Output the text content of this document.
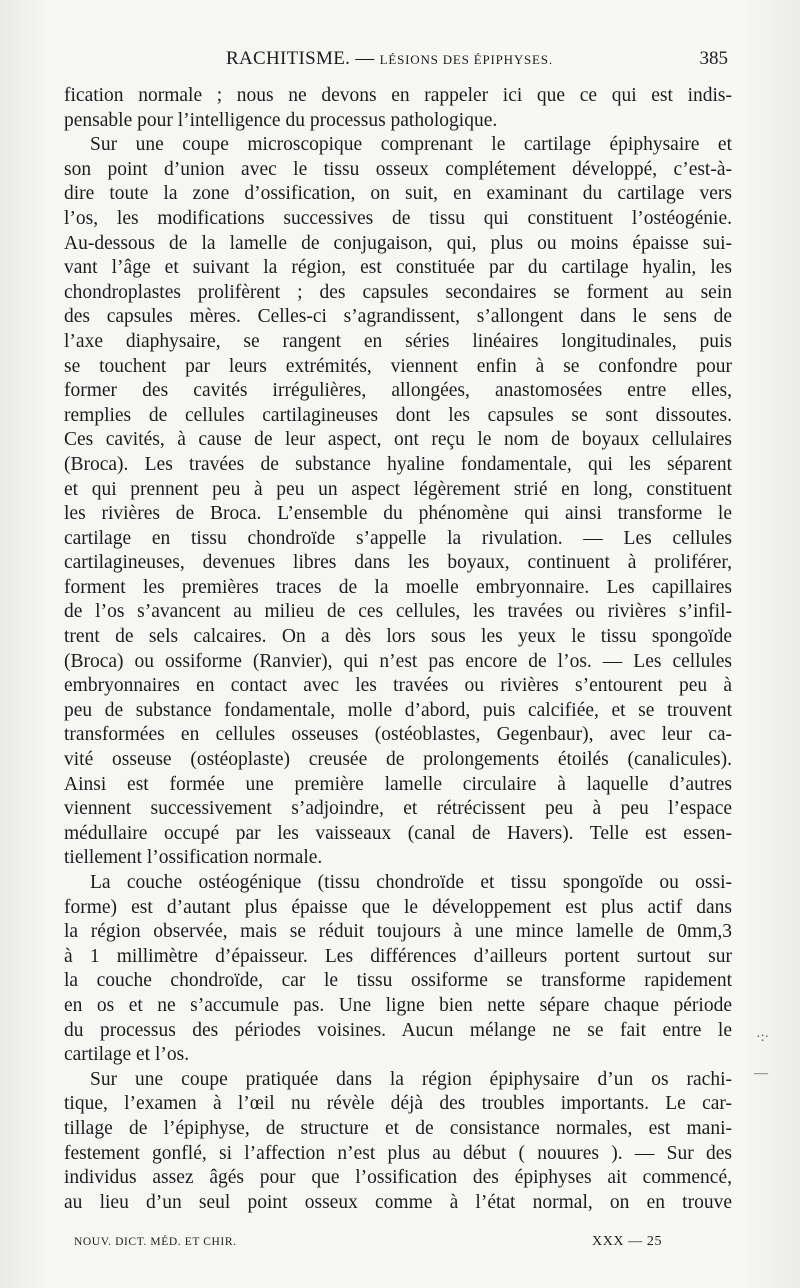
RACHITISME. — LÉSIONS DES ÉPIPHYSES.	385
fication normale ; nous ne devons en rappeler ici que ce qui est indis-
pensable pour l’intelligence du processus pathologique.
Sur une coupe microscopique comprenant le cartilage épiphysaire et
son point d’union avec le tissu osseux complétement développé, c’est-à-
dire toute la zone d’ossification, on suit, en examinant du cartilage vers
l’os, les modifications successives de tissu qui constituent l’ostéogénie.
Au-dessous de la lamelle de conjugaison, qui, plus ou moins épaisse sui-
vant l’âge et suivant la région, est constituée par du cartilage hyalin, les
chondroplastes prolifèrent ; des capsules secondaires se forment au sein
des capsules mères. Celles-ci s’agrandissent, s’allongent dans le sens de
l’axe diaphysaire, se rangent en séries linéaires longitudinales, puis
se touchent par leurs extrémités, viennent enfin à se confondre pour
former des cavités irrégulières, allongées, anastomosées entre elles,
remplies de cellules cartilagineuses dont les capsules se sont dissoutes.
Ces cavités, à cause de leur aspect, ont reçu le nom de boyaux cellulaires
(Broca). Les travées de substance hyaline fondamentale, qui les séparent
et qui prennent peu à peu un aspect légèrement strié en long, constituent
les rivières de Broca. L’ensemble du phénomène qui ainsi transforme le
cartilage en tissu chondroïde s’appelle la rivulation. — Les cellules
cartilagineuses, devenues libres dans les boyaux, continuent à proliférer,
forment les premières traces de la moelle embryonnaire. Les capillaires
de l’os s’avancent au milieu de ces cellules, les travées ou rivières s’infil-
trent de sels calcaires. On a dès lors sous les yeux le tissu spongoïde
(Broca) ou ossiforme (Ranvier), qui n’est pas encore de l’os. — Les cellules
embryonnaires en contact avec les travées ou rivières s’entourent peu à
peu de substance fondamentale, molle d’abord, puis calcifiée, et se trouvent
transformées en cellules osseuses (ostéoblastes, Gegenbaur), avec leur ca-
vité osseuse (ostéoplaste) creusée de prolongements étoilés (canalicules).
Ainsi est formée une première lamelle circulaire à laquelle d’autres
viennent successivement s’adjoindre, et rétrécissent peu à peu l’espace
médullaire occupé par les vaisseaux (canal de Havers). Telle est essen-
tiellement l’ossification normale.
La couche ostéogénique (tissu chondroïde et tissu spongoïde ou ossi-
forme) est d’autant plus épaisse que le développement est plus actif dans
la région observée, mais se réduit toujours à une mince lamelle de 0mm,3
à 1 millimètre d’épaisseur. Les différences d’ailleurs portent surtout sur
la couche chondroïde, car le tissu ossiforme se transforme rapidement
en os et ne s’accumule pas. Une ligne bien nette sépare chaque période
du processus des périodes voisines. Aucun mélange ne se fait entre le
cartilage et l’os.
Sur une coupe pratiquée dans la région épiphysaire d’un os rachi-
tique, l’examen à l’œil nu révèle déjà des troubles importants. Le car-
tillage de l’épiphyse, de structure et de consistance normales, est mani-
festement gonflé, si l’affection n’est plus au début ( nouures ). — Sur des
individus assez âgés pour que l’ossification des épiphyses ait commencé,
au lieu d’un seul point osseux comme à l’état normal, on en trouve
·:·
—
NOUV. DICT. MÉD. ET CHIR.	XXX — 25
